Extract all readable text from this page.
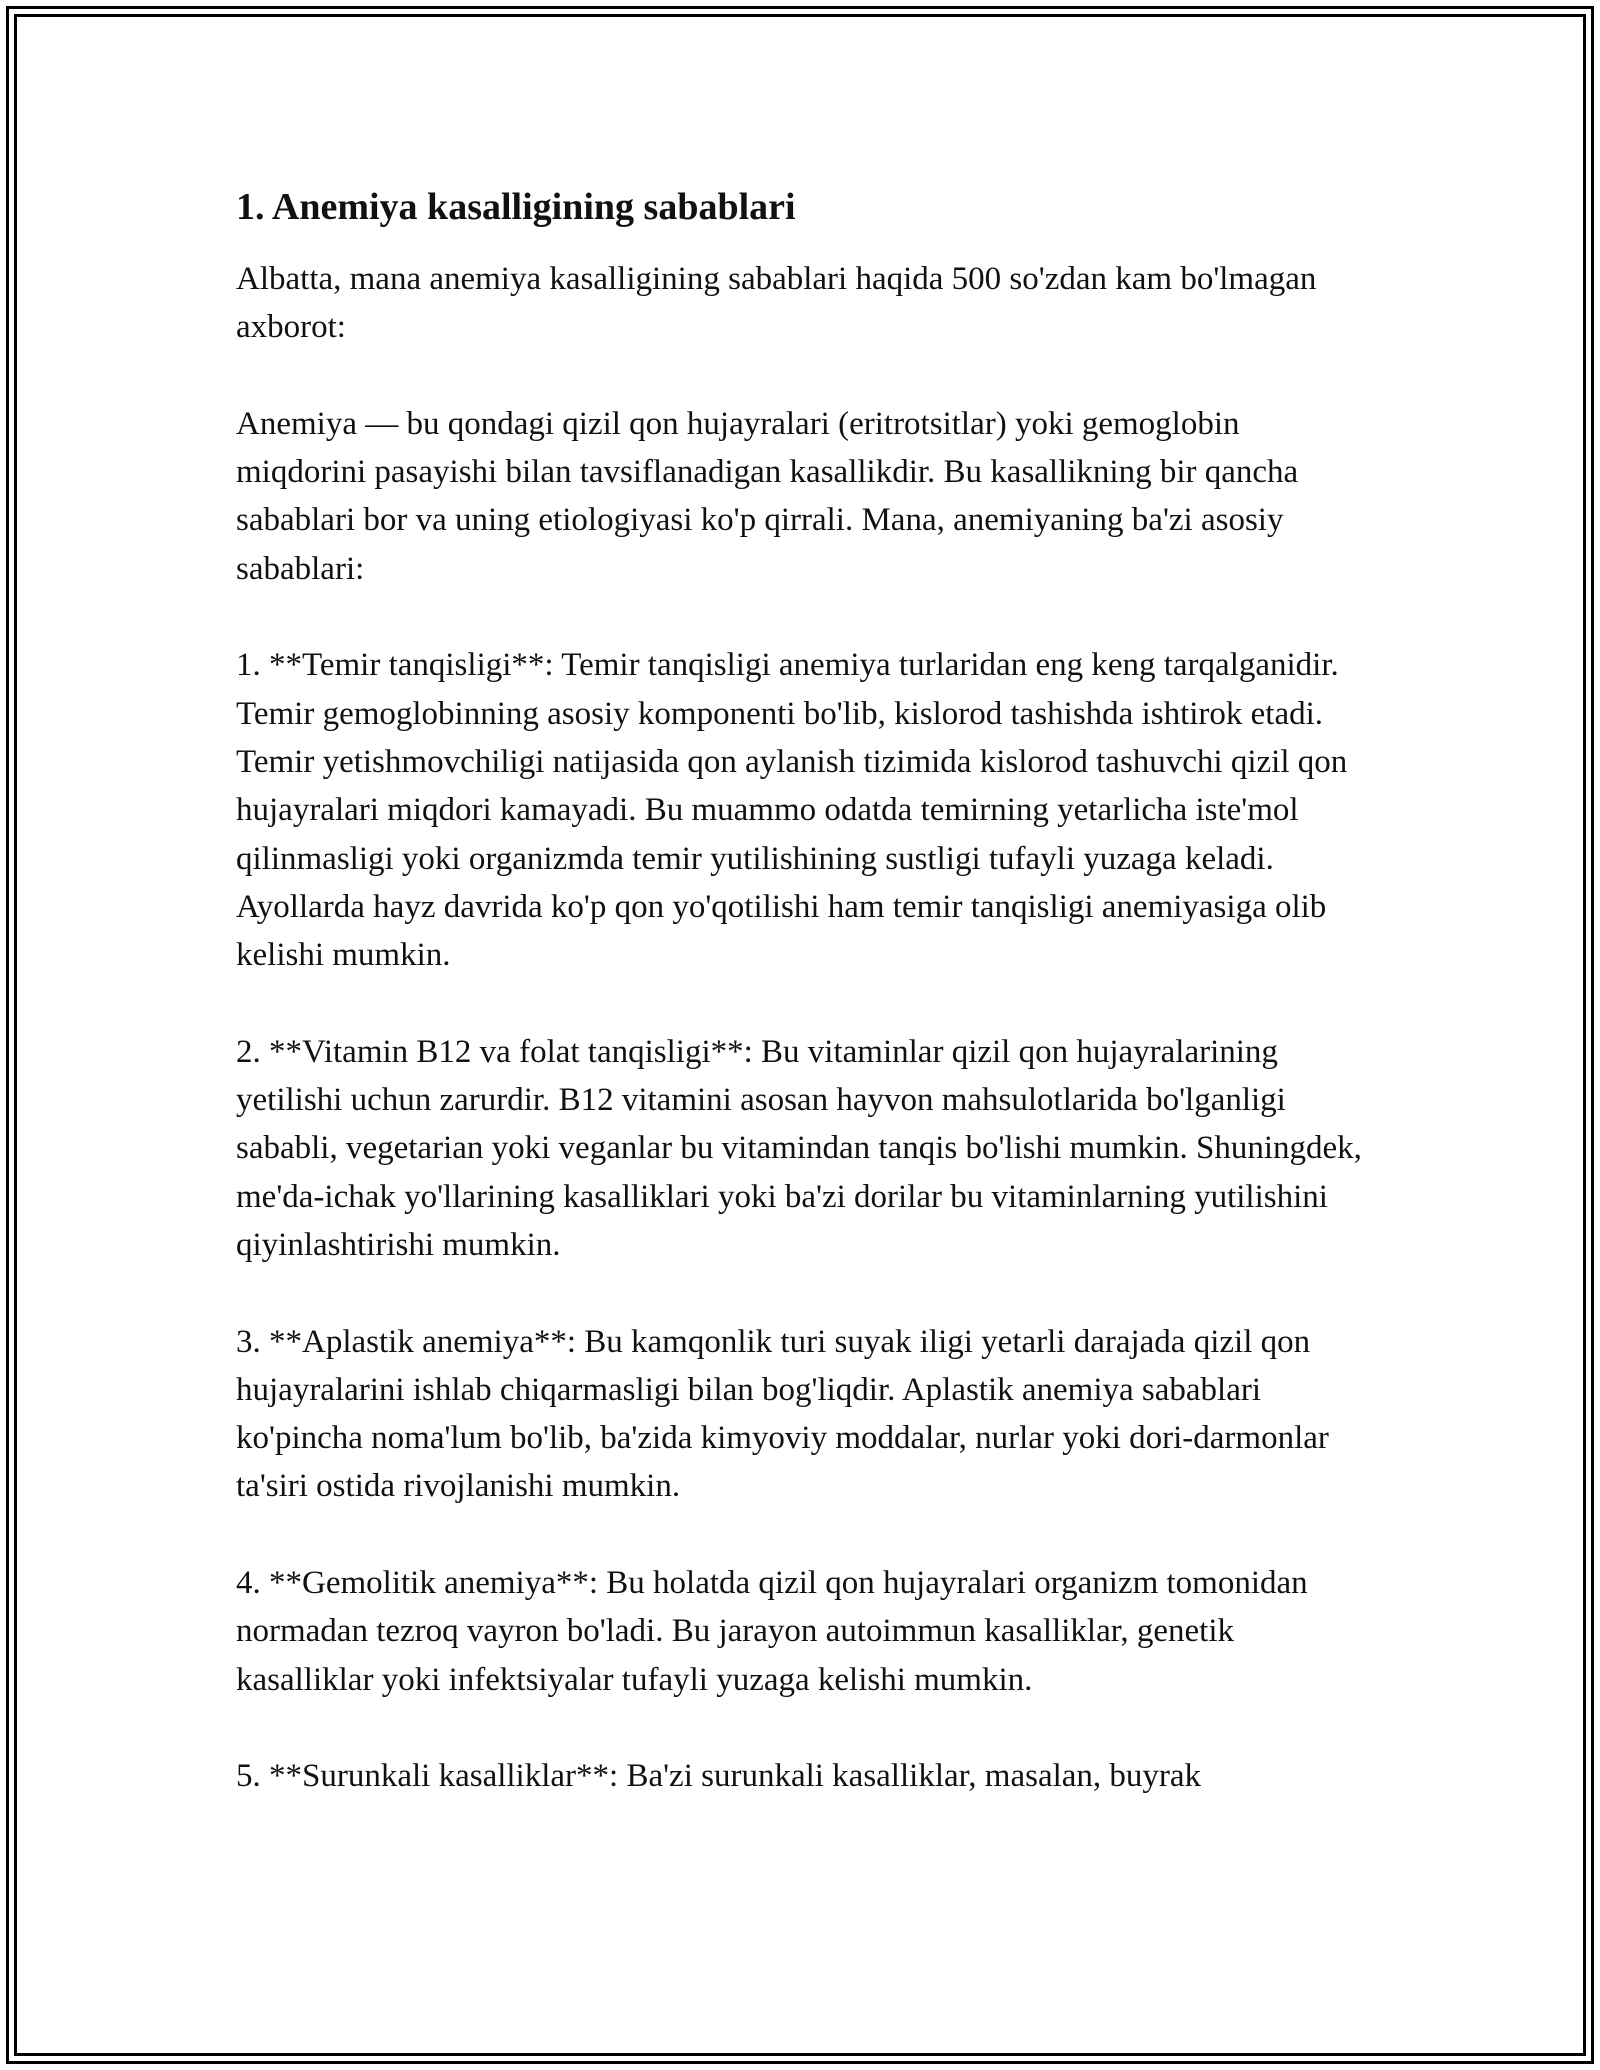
1. Anemiya kasalligining sabablari

Albatta, mana anemiya kasalligining sabablari haqida 500 so'zdan kam bo'lmagan axborot:

Anemiya — bu qondagi qizil qon hujayralari (eritrotsitlar) yoki gemoglobin miqdorini pasayishi bilan tavsiflanadigan kasallikdir. Bu kasallikning bir qancha sabablari bor va uning etiologiyasi ko'p qirrali. Mana, anemiyaning ba'zi asosiy sabablari:

1. **Temir tanqisligi**: Temir tanqisligi anemiya turlaridan eng keng tarqalganidir. Temir gemoglobinning asosiy komponenti bo'lib, kislorod tashishda ishtirok etadi. Temir yetishmovchiligi natijasida qon aylanish tizimida kislorod tashuvchi qizil qon hujayralari miqdori kamayadi. Bu muammo odatda temirning yetarlicha iste'mol qilinmasligi yoki organizmda temir yutilishining sustligi tufayli yuzaga keladi. Ayollarda hayz davrida ko'p qon yo'qotilishi ham temir tanqisligi anemiyasiga olib kelishi mumkin.

2. **Vitamin B12 va folat tanqisligi**: Bu vitaminlar qizil qon hujayralarining yetilishi uchun zarurdir. B12 vitamini asosan hayvon mahsulotlarida bo'lganligi sababli, vegetarian yoki veganlar bu vitamindan tanqis bo'lishi mumkin. Shuningdek, me'da-ichak yo'llarining kasalliklari yoki ba'zi dorilar bu vitaminlarning yutilishini qiyinlashtirishi mumkin.

3. **Aplastik anemiya**: Bu kamqonlik turi suyak iligi yetarli darajada qizil qon hujayralarini ishlab chiqarmasligi bilan bog'liqdir. Aplastik anemiya sabablari ko'pincha noma'lum bo'lib, ba'zida kimyoviy moddalar, nurlar yoki dori-darmonlar ta'siri ostida rivojlanishi mumkin.

4. **Gemolitik anemiya**: Bu holatda qizil qon hujayralari organizm tomonidan normadan tezroq vayron bo'ladi. Bu jarayon autoimmun kasalliklar, genetik kasalliklar yoki infektsiyalar tufayli yuzaga kelishi mumkin.

5. **Surunkali kasalliklar**: Ba'zi surunkali kasalliklar, masalan, buyrak
